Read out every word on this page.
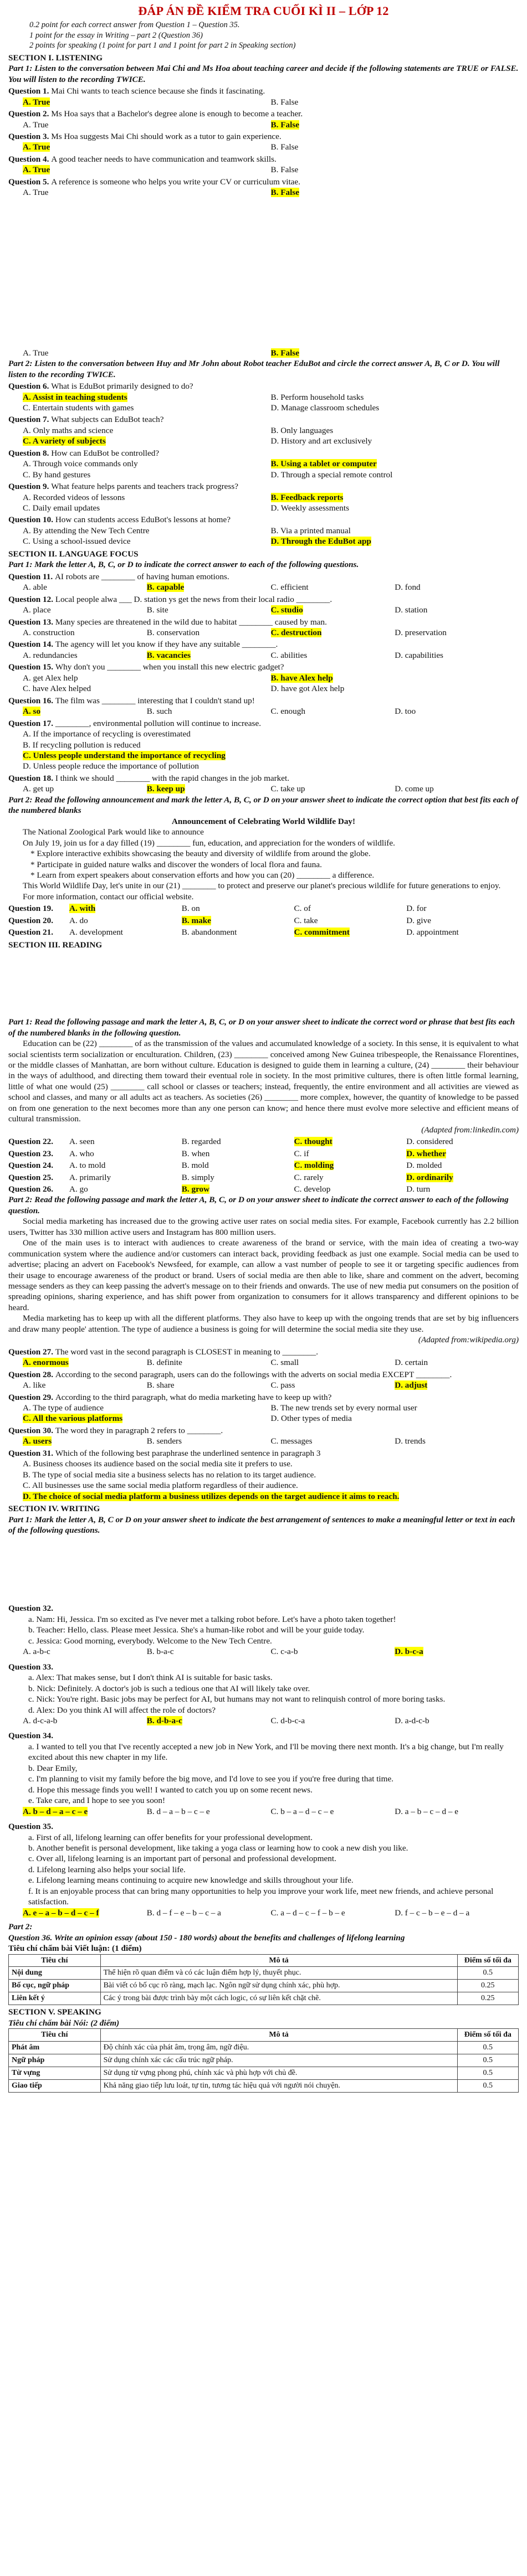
ĐÁP ÁN ĐỀ KIỂM TRA CUỐI KÌ II – LỚP 12
0.2 point for each correct answer from Question 1 – Question 35.
1 point for the essay in Writing – part 2 (Question 36)
2 points for speaking (1 point for part 1 and 1 point for part 2 in Speaking section)
SECTION I. LISTENING
Part 1: Listen to the conversation between Mai Chi and Ms Hoa about teaching career and decide if the following statements are TRUE or FALSE. You will listen to the recording TWICE.
Question 1. Mai Chi wants to teach science because she finds it fascinating.
A. True	B. False
Question 2. Ms Hoa says that a Bachelor's degree alone is enough to become a teacher.
A. True	B. False
Question 3. Ms Hoa suggests Mai Chi should work as a tutor to gain experience.
A. True	B. False
Question 4. A good teacher needs to have communication and teamwork skills.
A. True	B. False
Question 5. A reference is someone who helps you write your CV or curriculum vitae.
A. True	B. False
A. True	B. False
Part 2: Listen to the conversation between Huy and Mr John about Robot teacher EduBot and circle the correct answer A, B, C or D. You will listen to the recording TWICE.
Question 6. What is EduBot primarily designed to do?
A. Assist in teaching students	B. Perform household tasks
C. Entertain students with games	D. Manage classroom schedules
Question 7. What subjects can EduBot teach?
A. Only maths and science	B. Only languages
C. A variety of subjects	D. History and art exclusively
Question 8. How can EduBot be controlled?
A. Through voice commands only	B. Using a tablet or computer
C. By hand gestures	D. Through a special remote control
Question 9. What feature helps parents and teachers track progress?
A. Recorded videos of lessons	B. Feedback reports
C. Daily email updates	D. Weekly assessments
Question 10. How can students access EduBot's lessons at home?
A. By attending the New Tech Centre	B. Via a printed manual
C. Using a school-issued device	D. Through the EduBot app
SECTION II. LANGUAGE FOCUS
Part 1: Mark the letter A, B, C, or D to indicate the correct answer to each of the following questions.
Question 11. AI robots are ________ of having human emotions.
A. able	B. capable	C. efficient	D. fond
Question 12. Local people alwa ___ D. station ys get the news from their local radio ________.
A. place	B. site	C. studio	D. station
Question 13. Many species are threatened in the wild due to habitat ________ caused by man.
A. construction	B. conservation	C. destruction	D. preservation
Question 14. The agency will let you know if they have any suitable ________.
A. redundancies	B. vacancies	C. abilities	D. capabilities
Question 15. Why don't you ________ when you install this new electric gadget?
A. get Alex help	B. have Alex help
C. have Alex helped	D. have got Alex help
Question 16. The film was ________ interesting that I couldn't stand up!
A. so	B. such	C. enough	D. too
Question 17. ________, environmental pollution will continue to increase.
A. If the importance of recycling is overestimated
B. If recycling pollution is reduced
C. Unless people understand the importance of recycling
D. Unless people reduce the importance of pollution
Question 18. I think we should ________ with the rapid changes in the job market.
A. get up	B. keep up	C. take up	D. come up
Part 2: Read the following announcement and mark the letter A, B, C, or D on your answer sheet to indicate the correct option that best fits each of the numbered blanks
Announcement of Celebrating World Wildlife Day!
The National Zoological Park would like to announce
On July 19, join us for a day filled (19) ________ fun, education, and appreciation for the wonders of wildlife.
* Explore interactive exhibits showcasing the beauty and diversity of wildlife from around the globe.
* Participate in guided nature walks and discover the wonders of local flora and fauna.
* Learn from expert speakers about conservation efforts and how you can (20) ________ a difference.
This World Wildlife Day, let's unite in our (21) ________ to protect and preserve our planet's precious wildlife for future generations to enjoy.
For more information, contact our official website.
Question 19.	A. with	B. on	C. of	D. for
Question 20.	A. do	B. make	C. take	D. give
Question 21.	A. development	B. abandonment	C. commitment	D. appointment
SECTION III. READING
Part 1: Read the following passage and mark the letter A, B, C, or D on your answer sheet to indicate the correct word or phrase that best fits each of the numbered blanks in the following question.
Education can be (22) ________ of as the transmission of the values and accumulated knowledge of a society. In this sense, it is equivalent to what social scientists term socialization or enculturation. Children, (23) ________ conceived among New Guinea tribespeople, the Renaissance Florentines, or the middle classes of Manhattan, are born without culture. Education is designed to guide them in learning a culture, (24) ________ their behaviour in the ways of adulthood, and directing them toward their eventual role in society. In the most primitive cultures, there is often little formal learning, little of what one would (25) ________ call school or classes or teachers; instead, frequently, the entire environment and all activities are viewed as school and classes, and many or all adults act as teachers. As societies (26) ________ more complex, however, the quantity of knowledge to be passed on from one generation to the next becomes more than any one person can know; and hence there must evolve more selective and efficient means of cultural transmission.
(Adapted from:linkedin.com)
Question 22.	A. seen	B. regarded	C. thought	D. considered
Question 23.	A. who	B. when	C. if	D. whether
Question 24.	A. to mold	B. mold	C. molding	D. molded
Question 25.	A. primarily	B. simply	C. rarely	D. ordinarily
Question 26.	A. go	B. grow	C. develop	D. turn
Part 2: Read the following passage and mark the letter A, B, C, or D on your answer sheet to indicate the correct answer to each of the following question.
Social media marketing has increased due to the growing active user rates on social media sites. For example, Facebook currently has 2.2 billion users, Twitter has 330 million active users and Instagram has 800 million users.
One of the main uses is to interact with audiences to create awareness of the brand or service, with the main idea of creating a two-way communication system where the audience and/or customers can interact back, providing feedback as just one example. Social media can be used to advertise; placing an advert on Facebook's Newsfeed, for example, can allow a vast number of people to see it or targeting specific audiences from their usage to encourage awareness of the product or brand. Users of social media are then able to like, share and comment on the advert, becoming message senders as they can keep passing the advert's message on to their friends and onwards. The use of new media put consumers on the position of spreading opinions, sharing experience, and has shift power from organization to consumers for it allows transparency and different opinions to be heard.
Media marketing has to keep up with all the different platforms. They also have to keep up with the ongoing trends that are set by big influencers and draw many people' attention. The type of audience a business is going for will determine the social media site they use.
(Adapted from:wikipedia.org)
Question 27. The word vast in the second paragraph is CLOSEST in meaning to ________.
A. enormous	B. definite	C. small	D. certain
Question 28. According to the second paragraph, users can do the followings with the adverts on social media EXCEPT ________.
A. like	B. share	C. pass	D. adjust
Question 29. According to the third paragraph, what do media marketing have to keep up with?
A. The type of audience	B. The new trends set by every normal user
C. All the various platforms	D. Other types of media
Question 30. The word they in paragraph 2 refers to ________.
A. users	B. senders	C. messages	D. trends
Question 31. Which of the following best paraphrase the underlined sentence in paragraph 3
A. Business chooses its audience based on the social media site it prefers to use.
B. The type of social media site a business selects has no relation to its target audience.
C. All businesses use the same social media platform regardless of their audience.
D. The choice of social media platform a business utilizes depends on the target audience it aims to reach.
SECTION IV. WRITING
Part 1: Mark the letter A, B, C or D on your answer sheet to indicate the best arrangement of sentences to make a meaningful letter or text in each of the following questions.
Question 32.
a. Nam: Hi, Jessica. I'm so excited as I've never met a talking robot before. Let's have a photo taken together!
b. Teacher: Hello, class. Please meet Jessica. She's a human-like robot and will be your guide today.
c. Jessica: Good morning, everybody. Welcome to the New Tech Centre.
A. a-b-c	B. b-a-c	C. c-a-b	D. b-c-a
Question 33.
a. Alex: That makes sense, but I don't think AI is suitable for basic tasks.
b. Nick: Definitely. A doctor's job is such a tedious one that AI will likely take over.
c. Nick: You're right. Basic jobs may be perfect for AI, but humans may not want to relinquish control of more boring tasks.
d. Alex: Do you think AI will affect the role of doctors?
A. d-c-a-b	B. d-b-a-c	C. d-b-c-a	D. a-d-c-b
Question 34.
a. I wanted to tell you that I've recently accepted a new job in New York, and I'll be moving there next month. It's a big change, but I'm really excited about this new chapter in my life.
b. Dear Emily,
c. I'm planning to visit my family before the big move, and I'd love to see you if you're free during that time.
d. Hope this message finds you well! I wanted to catch you up on some recent news.
e. Take care, and I hope to see you soon!
A. b – d – a – c – e	B. d – a – b – c – e	C. b – a – d – c – e	D. a – b – c – d – e
Question 35.
a. First of all, lifelong learning can offer benefits for your professional development.
b. Another benefit is personal development, like taking a yoga class or learning how to cook a new dish you like.
c. Over all, lifelong learning is an important part of personal and professional development.
d. Lifelong learning also helps your social life.
e. Lifelong learning means continuing to acquire new knowledge and skills throughout your life.
f. It is an enjoyable process that can bring many opportunities to help you improve your work life, meet new friends, and achieve personal satisfaction.
A. e – a – b – d – c – f	B. d – f – e – b – c – a	C. a – d – c – f – b – e	D. f – c – b – e – d – a
Part 2:
Question 36. Write an opinion essay (about 150 - 180 words) about the benefits and challenges of lifelong learning
Tiêu chí chấm bài Viết luận: (1 điểm)
Tiêu chí	Mô tả	Điểm số tối đa
Nội dung	Thể hiện rõ quan điểm và có các luận điểm hợp lý, thuyết phục.	0.5
Bố cục, ngữ pháp	Bài viết có bố cục rõ ràng, mạch lạc. Ngôn ngữ sử dụng chính xác, phù hợp.	0.25
Liên kết ý	Các ý trong bài được trình bày một cách logic, có sự liên kết chặt chẽ.	0.25
SECTION V. SPEAKING
Tiêu chí chấm bài Nói: (2 điểm)
Tiêu chí	Mô tả	Điểm số tối đa
Phát âm	Độ chính xác của phát âm, trọng âm, ngữ điệu.	0.5
Ngữ pháp	Sử dụng chính xác các cấu trúc ngữ pháp.	0.5
Từ vựng	Sử dụng từ vựng phong phú, chính xác và phù hợp với chủ đề.	0.5
Giao tiếp	Khả năng giao tiếp lưu loát, tự tin, tương tác hiệu quả với người nói chuyện.	0.5
